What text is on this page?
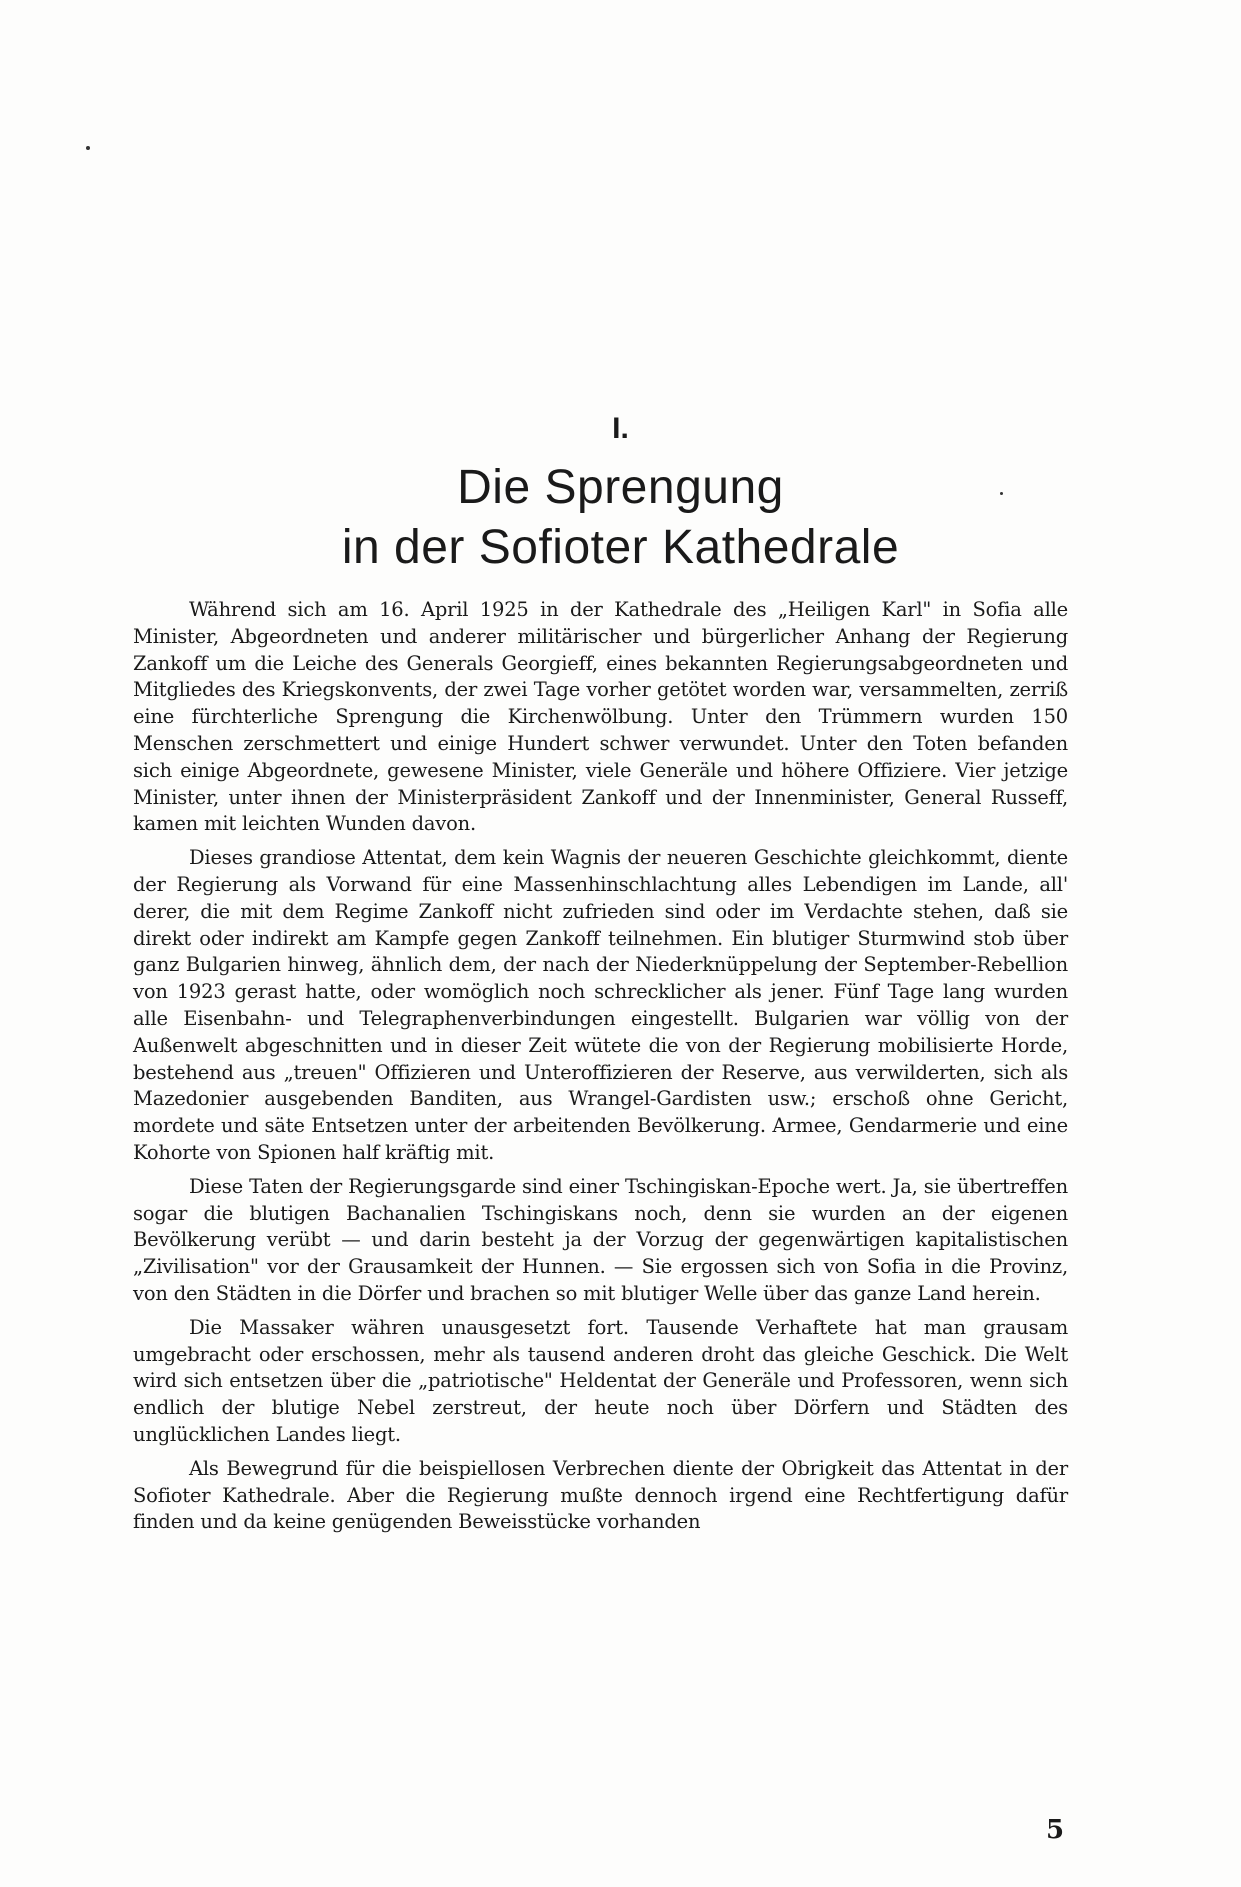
I.
Die Sprengung
in der Sofioter Kathedrale

Während sich am 16. April 1925 in der Kathedrale des „Heiligen Karl" in Sofia alle Minister, Abgeordneten und anderer militärischer und bürgerlicher Anhang der Regierung Zankoff um die Leiche des Generals Georgieff, eines bekannten Regierungsabgeordneten und Mitgliedes des Kriegskonvents, der zwei Tage vorher getötet worden war, versammelten, zerriß eine fürchterliche Sprengung die Kirchenwölbung. Unter den Trümmern wurden 150 Menschen zerschmettert und einige Hundert schwer verwundet. Unter den Toten befanden sich einige Abgeordnete, gewesene Minister, viele Generäle und höhere Offiziere. Vier jetzige Minister, unter ihnen der Ministerpräsident Zankoff und der Innenminister, General Russeff, kamen mit leichten Wunden davon.

Dieses grandiose Attentat, dem kein Wagnis der neueren Geschichte gleichkommt, diente der Regierung als Vorwand für eine Massenhinschlachtung alles Lebendigen im Lande, all' derer, die mit dem Regime Zankoff nicht zufrieden sind oder im Verdachte stehen, daß sie direkt oder indirekt am Kampfe gegen Zankoff teilnehmen. Ein blutiger Sturmwind stob über ganz Bulgarien hinweg, ähnlich dem, der nach der Niederknüppelung der September-Rebellion von 1923 gerast hatte, oder womöglich noch schrecklicher als jener. Fünf Tage lang wurden alle Eisenbahn- und Telegraphenverbindungen eingestellt. Bulgarien war völlig von der Außenwelt abgeschnitten und in dieser Zeit wütete die von der Regierung mobilisierte Horde, bestehend aus „treuen" Offizieren und Unteroffizieren der Reserve, aus verwilderten, sich als Mazedonier ausgebenden Banditen, aus Wrangel-Gardisten usw.; erschoß ohne Gericht, mordete und säte Entsetzen unter der arbeitenden Bevölkerung. Armee, Gendarmerie und eine Kohorte von Spionen half kräftig mit.

Diese Taten der Regierungsgarde sind einer Tschingiskan-Epoche wert. Ja, sie übertreffen sogar die blutigen Bachanalien Tschingiskans noch, denn sie wurden an der eigenen Bevölkerung verübt — und darin besteht ja der Vorzug der gegenwärtigen kapitalistischen „Zivilisation" vor der Grausamkeit der Hunnen. — Sie ergossen sich von Sofia in die Provinz, von den Städten in die Dörfer und brachen so mit blutiger Welle über das ganze Land herein.

Die Massaker währen unausgesetzt fort. Tausende Verhaftete hat man grausam umgebracht oder erschossen, mehr als tausend anderen droht das gleiche Geschick. Die Welt wird sich entsetzen über die „patriotische" Heldentat der Generäle und Professoren, wenn sich endlich der blutige Nebel zerstreut, der heute noch über Dörfern und Städten des unglücklichen Landes liegt.

Als Bewegrund für die beispiellosen Verbrechen diente der Obrigkeit das Attentat in der Sofioter Kathedrale. Aber die Regierung mußte dennoch irgend eine Rechtfertigung dafür finden und da keine genügenden Beweisstücke vorhanden

5
